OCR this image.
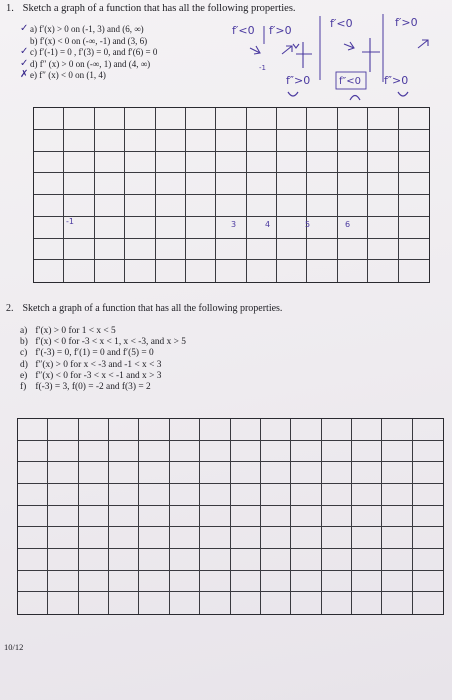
1. Sketch a graph of a function that has all the following properties.
✓ a) f′(x) > 0 on (-1, 3) and (6, ∞)
b) f′(x) < 0 on (-∞, -1) and (3, 6)
✓ c) f′(-1) = 0 , f′(3) = 0, and f′(6) = 0
✓ d) f″ (x) > 0 on (-∞, 1) and (4, ∞)
✗ e) f″ (x) < 0 on (1, 4)
f′<0 f′>0
f′<0	f′>0
-1
f″>0	f″<0 f″>0
-1	3	4	5	6
2. Sketch a graph of a function that has all the following properties.
a) f′(x) > 0 for 1 < x < 5
b) f′(x) < 0 for -3 < x < 1, x < -3, and x > 5
c) f′(-3) = 0, f′(1) = 0 and f′(5) = 0
d) f″(x) > 0 for x < -3 and -1 < x < 3
e) f″(x) < 0 for -3 < x < -1 and x > 3
f) f(-3) = 3, f(0) = -2 and f(3) = 2
10/12
